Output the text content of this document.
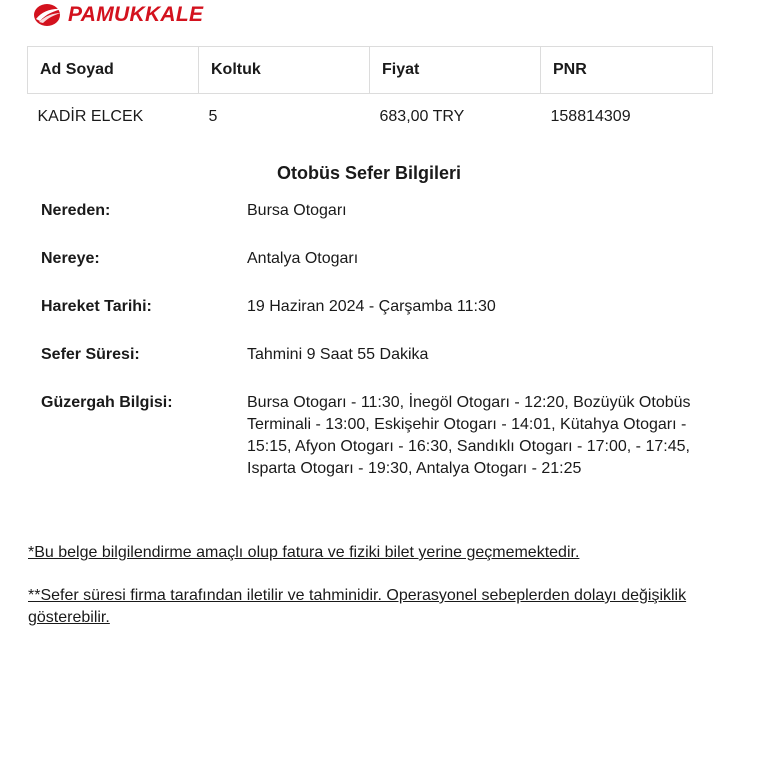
PAMUKKALE
Ad Soyad	Koltuk	Fiyat	PNR
KADİR ELCEK	5	683,00 TRY	158814309
Otobüs Sefer Bilgileri
Nereden:	Bursa Otogarı
Nereye:	Antalya Otogarı
Hareket Tarihi:	19 Haziran 2024 - Çarşamba 11:30
Sefer Süresi:	Tahmini 9 Saat 55 Dakika
Güzergah Bilgisi:	Bursa Otogarı - 11:30, İnegöl Otogarı - 12:20, Bozüyük Otobüs Terminali - 13:00, Eskişehir Otogarı - 14:01, Kütahya Otogarı - 15:15, Afyon Otogarı - 16:30, Sandıklı Otogarı - 17:00, - 17:45, Isparta Otogarı - 19:30, Antalya Otogarı - 21:25
*Bu belge bilgilendirme amaçlı olup fatura ve fiziki bilet yerine geçmemektedir.
**Sefer süresi firma tarafından iletilir ve tahminidir. Operasyonel sebeplerden dolayı değişiklik gösterebilir.
